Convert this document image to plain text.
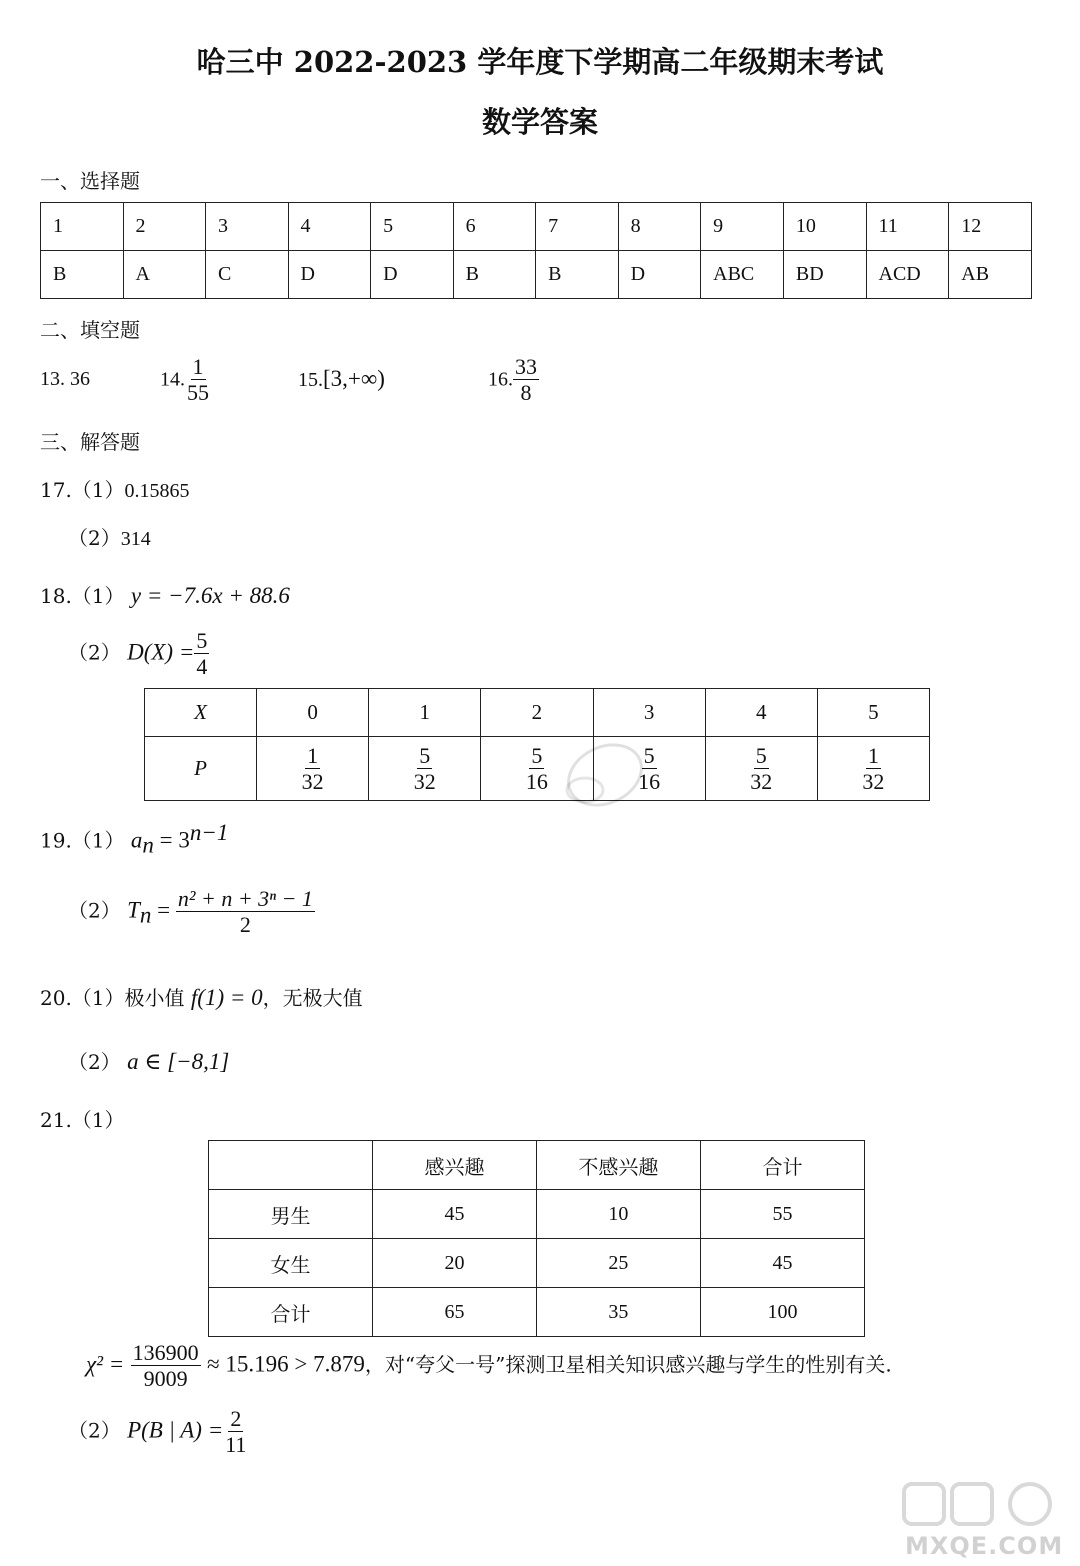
哈三中 2022-2023 学年度下学期高二年级期末考试
数学答案
一、选择题
1	2	3	4	5	6	7	8	9	10	11	12
B	A	C	D	D	B	B	D	ABC	BD	ACD	AB
二、填空题
13. 36	14. $\frac{1}{55}$	15.[3,+∞)	16. $\frac{33}{8}$
三、解答题
17.（1）0.15865
（2）314
18.（1） y = −7.6x + 88.6
（2） $D(X) = \frac{5}{4}$
X	0	1	2	3	4	5
P	$\frac{1}{32}$	$\frac{5}{32}$	$\frac{5}{16}$	$\frac{5}{16}$	$\frac{5}{32}$	$\frac{1}{32}$
19.（1） $a_n = 3^{n-1}$
（2） $T_n = \frac{\text{n² + n + 3ⁿ − 1}}{2}$
20.（1）极小值 f(1) = 0，无极大值
（2） a ∈ [−8,1]
21.（1）
	感兴趣	不感兴趣	合计
男生	45	10	55
女生	20	25	45
合计	65	35	100
$\chi^2 = \frac{136900}{9009} \approx 15.196 > 7.879$，对“夸父一号”探测卫星相关知识感兴趣与学生的性别有关.
（2） P(B | $A) = \frac{2}{11}$
MXQE.COM
